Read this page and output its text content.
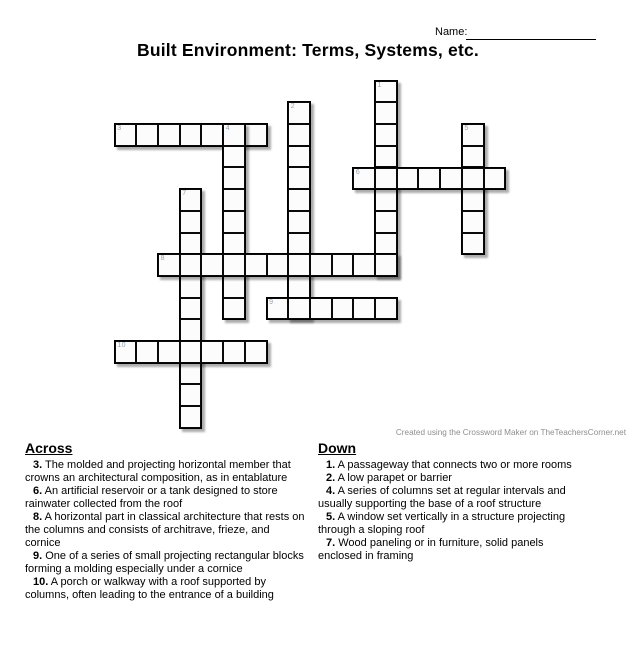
Name:
Built Environment: Terms, Systems, etc.
1
2
3	4	5
6
7
8
9
10
Created using the Crossword Maker on TheTeachersCorner.net
Across	Down

3. The molded and projecting horizontal member that crowns an architectural composition, as in entablature

6. An artificial reservoir or a tank designed to store rainwater collected from the roof

8. A horizontal part in classical architecture that rests on the columns and consists of architrave, frieze, and cornice

9. One of a series of small projecting rectangular blocks forming a molding especially under a cornice

10. A porch or walkway with a roof supported by columns, often leading to the entrance of a building

1. A passageway that connects two or more rooms

2. A low parapet or barrier

4. A series of columns set at regular intervals and usually supporting the base of a roof structure

5. A window set vertically in a structure projecting through a sloping roof

7. Wood paneling or in furniture, solid panels enclosed in framing
